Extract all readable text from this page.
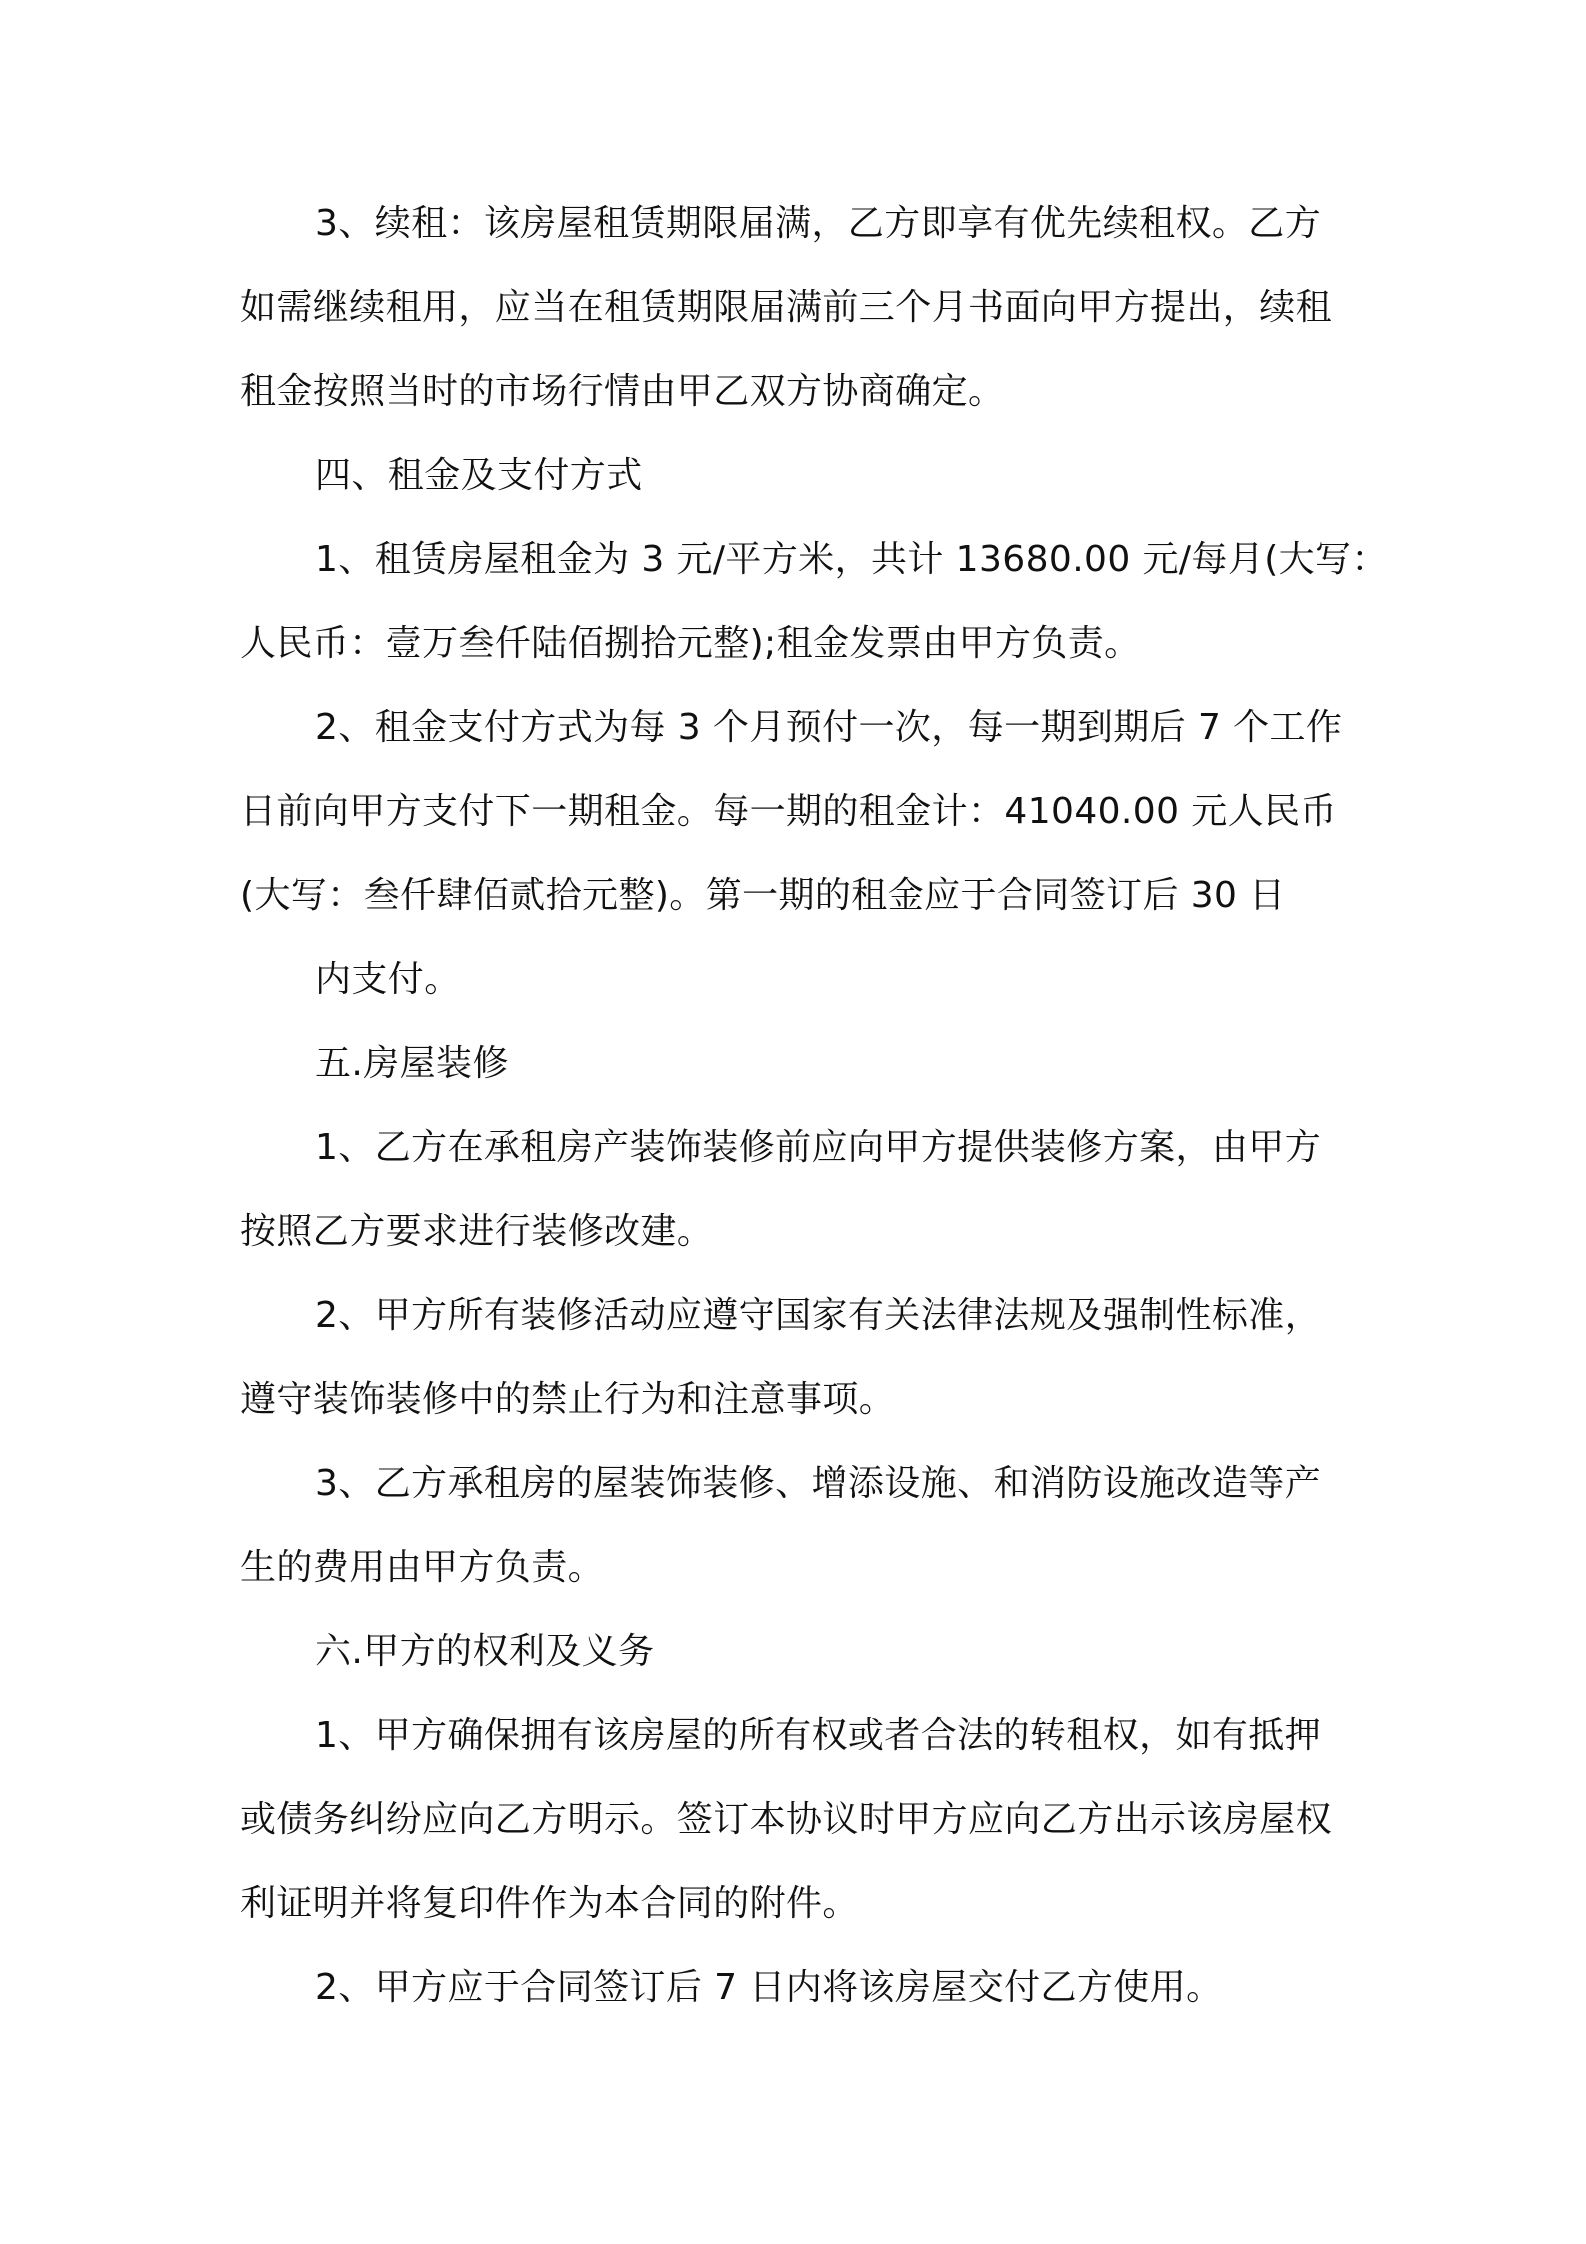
3、续租：该房屋租赁期限届满，乙方即享有优先续租权。乙方
如需继续租用，应当在租赁期限届满前三个月书面向甲方提出，续租
租金按照当时的市场行情由甲乙双方协商确定。
四、租金及支付方式
1、租赁房屋租金为 3 元/平方米，共计 13680.00 元/每月(大写：
人民币：壹万叁仟陆佰捌拾元整);租金发票由甲方负责。
2、租金支付方式为每 3 个月预付一次，每一期到期后 7 个工作
日前向甲方支付下一期租金。每一期的租金计：41040.00 元人民币
(大写：叁仟肆佰贰拾元整)。第一期的租金应于合同签订后 30 日
内支付。
五.房屋装修
1、乙方在承租房产装饰装修前应向甲方提供装修方案，由甲方
按照乙方要求进行装修改建。
2、甲方所有装修活动应遵守国家有关法律法规及强制性标准，
遵守装饰装修中的禁止行为和注意事项。
3、乙方承租房的屋装饰装修、增添设施、和消防设施改造等产
生的费用由甲方负责。
六.甲方的权利及义务
1、甲方确保拥有该房屋的所有权或者合法的转租权，如有抵押
或债务纠纷应向乙方明示。签订本协议时甲方应向乙方出示该房屋权
利证明并将复印件作为本合同的附件。
2、甲方应于合同签订后 7 日内将该房屋交付乙方使用。
